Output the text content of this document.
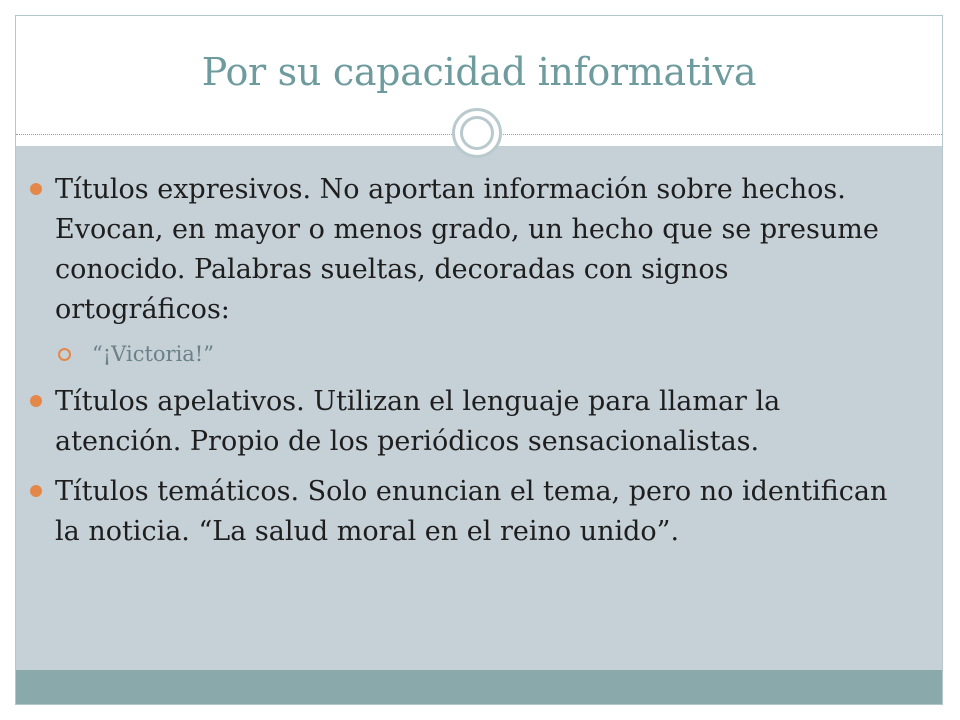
Por su capacidad informativa
Títulos expresivos. No aportan información sobre hechos. Evocan, en mayor o menos grado, un hecho que se presume conocido. Palabras sueltas, decoradas con signos ortográficos:
“¡Victoria!”
Títulos apelativos. Utilizan el lenguaje para llamar la atención. Propio de los periódicos sensacionalistas.
Títulos temáticos. Solo enuncian el tema, pero no identifican la noticia. “La salud moral en el reino unido”.
